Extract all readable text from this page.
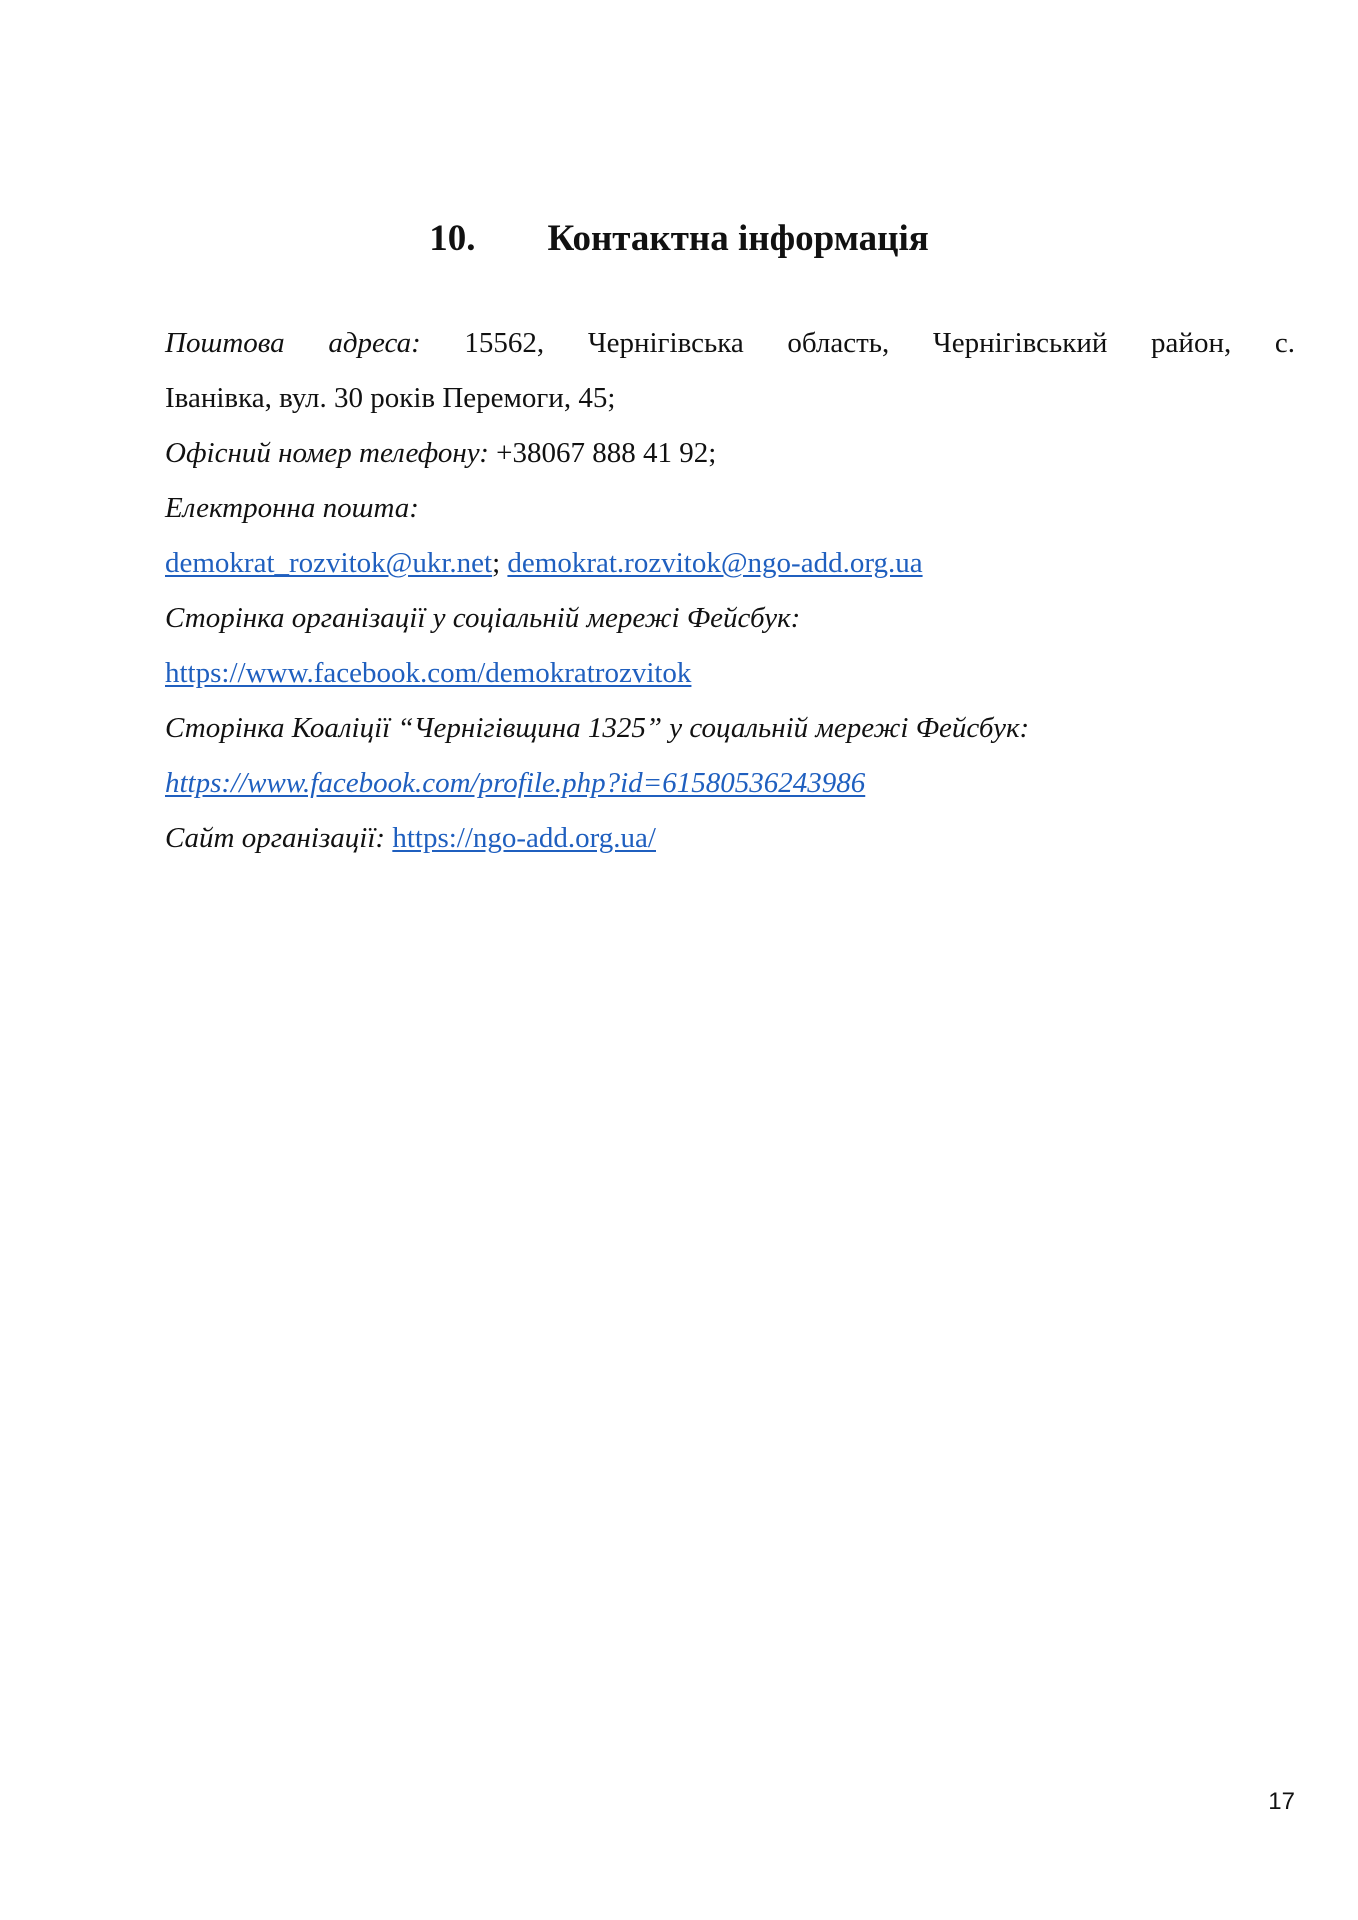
10. Контактна інформація
Поштова адреса: 15562, Чернігівська область, Чернігівський район, с.
Іванівка, вул. 30 років Перемоги, 45;
Офісний номер телефону: +38067 888 41 92;
Електронна пошта:
demokrat_rozvitok@ukr.net; demokrat.rozvitok@ngo-add.org.ua
Сторінка організації у соціальній мережі Фейсбук:
https://www.facebook.com/demokratrozvitok
Сторінка Коаліції “Чернігівщина 1325” у соцальній мережі Фейсбук:
https://www.facebook.com/profile.php?id=61580536243986
Сайт організації: https://ngo-add.org.ua/
17
